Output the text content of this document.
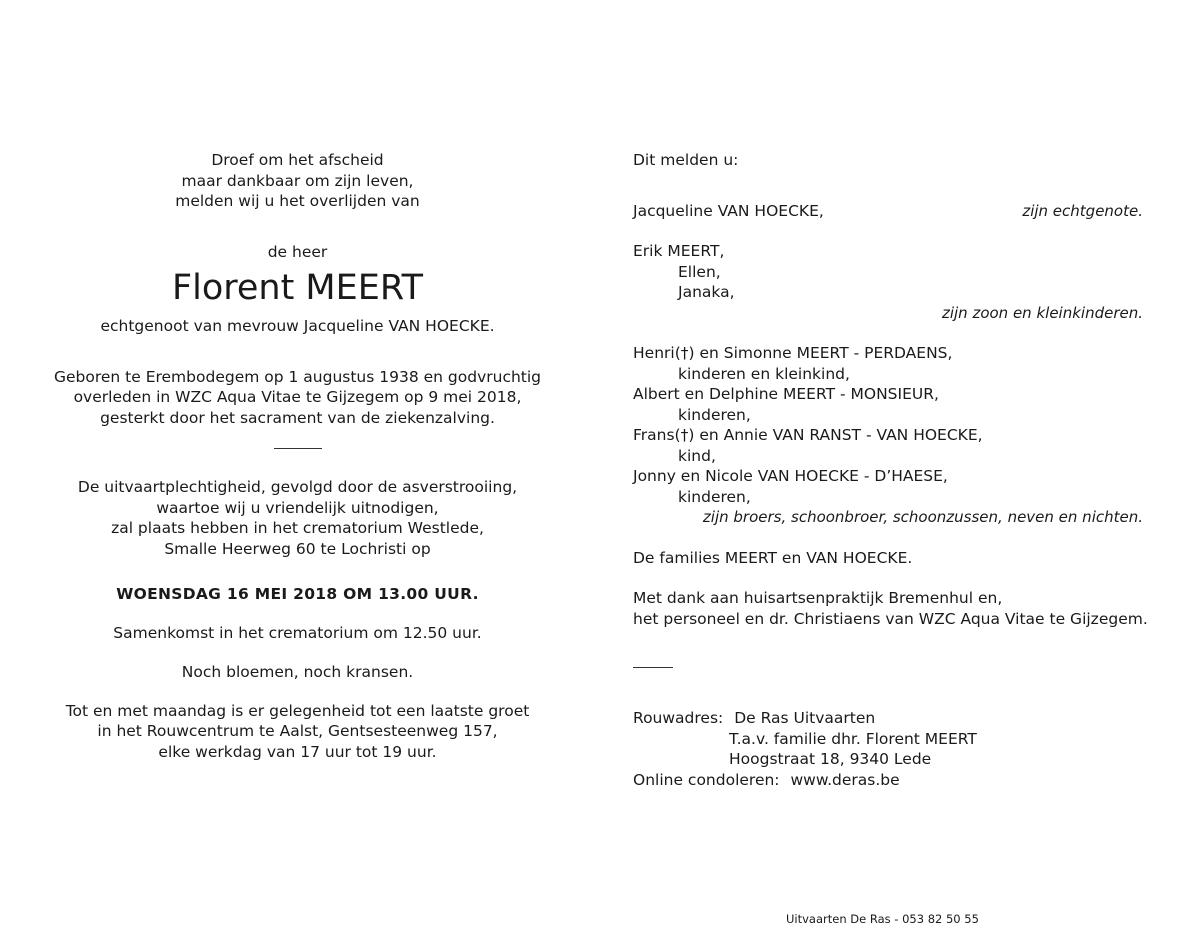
Droef om het afscheid
maar dankbaar om zijn leven,
melden wij u het overlijden van
de heer
Florent MEERT
echtgenoot van mevrouw Jacqueline VAN HOECKE.
Geboren te Erembodegem op 1 augustus 1938 en godvruchtig
overleden in WZC Aqua Vitae te Gijzegem op 9 mei 2018,
gesterkt door het sacrament van de ziekenzalving.
De uitvaartplechtigheid, gevolgd door de asverstrooiing,
waartoe wij u vriendelijk uitnodigen,
zal plaats hebben in het crematorium Westlede,
Smalle Heerweg 60 te Lochristi op
WOENSDAG 16 MEI 2018 OM 13.00 UUR.
Samenkomst in het crematorium om 12.50 uur.
Noch bloemen, noch kransen.
Tot en met maandag is er gelegenheid tot een laatste groet
in het Rouwcentrum te Aalst, Gentsesteenweg 157,
elke werkdag van 17 uur tot 19 uur.
Dit melden u:
Jacqueline VAN HOECKE,	zijn echtgenote.
Erik MEERT,
Ellen,
Janaka,
zijn zoon en kleinkinderen.
Henri(†) en Simonne MEERT - PERDAENS,
kinderen en kleinkind,
Albert en Delphine MEERT - MONSIEUR,
kinderen,
Frans(†) en Annie VAN RANST - VAN HOECKE,
kind,
Jonny en Nicole VAN HOECKE - D’HAESE,
kinderen,
zijn broers, schoonbroer, schoonzussen, neven en nichten.
De families MEERT en VAN HOECKE.
Met dank aan huisartsenpraktijk Bremenhul en,
het personeel en dr. Christiaens van WZC Aqua Vitae te Gijzegem.
Rouwadres: De Ras Uitvaarten
T.a.v. familie dhr. Florent MEERT
Hoogstraat 18, 9340 Lede
Online condoleren: www.deras.be
Uitvaarten De Ras - 053 82 50 55
